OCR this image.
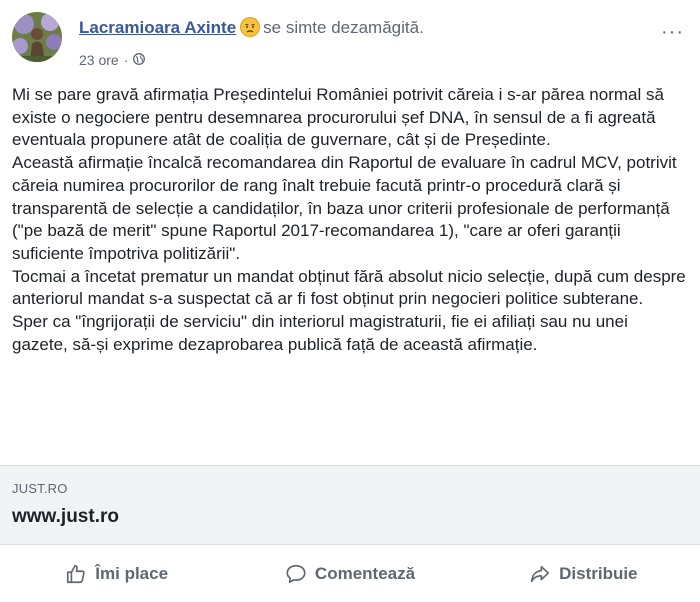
Lacramioara Axinte se simte dezamăgită.
23 ore ·
···

Mi se pare gravă afirmația Președintelui României potrivit căreia i s-ar părea normal să existe o negociere pentru desemnarea procurorului șef DNA, în sensul de a fi agreată eventuala propunere atât de coaliția de guvernare, cât și de Președinte.

Această afirmație încalcă recomandarea din Raportul de evaluare în cadrul MCV, potrivit căreia numirea procurorilor de rang înalt trebuie facută printr-o procedură clară și transparentă de selecție a candidaților, în baza unor criterii profesionale de performanță ("pe bază de merit" spune Raportul 2017-recomandarea 1), "care ar oferi garanții suficiente împotriva politizării".

Tocmai a încetat prematur un mandat obținut fără absolut nicio selecție, după cum despre anteriorul mandat s-a suspectat că ar fi fost obținut prin negocieri politice subterane.

Sper ca "îngrijorații de serviciu" din interiorul magistraturii, fie ei afiliați sau nu unei gazete, să-și exprime dezaprobarea publică față de această afirmație.

JUST.RO
www.just.ro
Îmi place	Comentează	Distribuie
